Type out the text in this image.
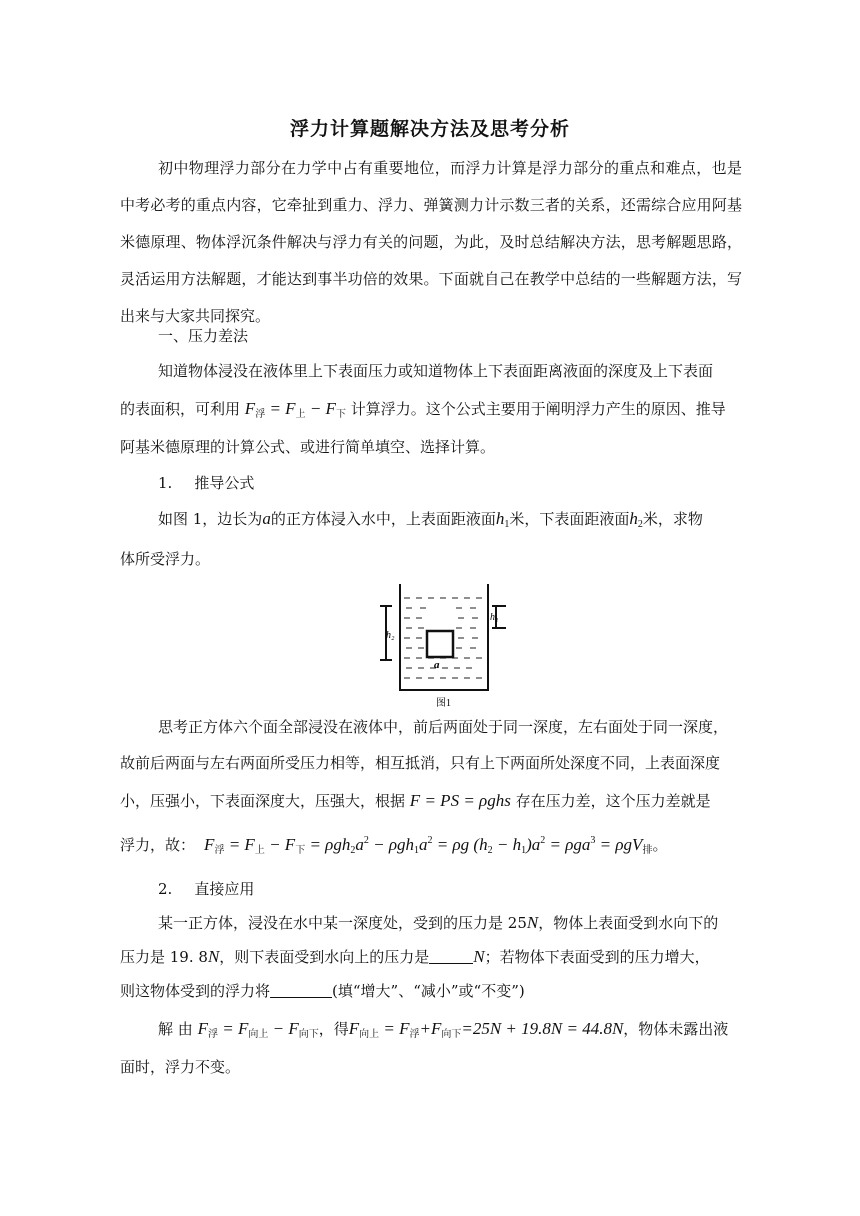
浮力计算题解决方法及思考分析
初中物理浮力部分在力学中占有重要地位，而浮力计算是浮力部分的重点和难点，也是中考必考的重点内容，它牵扯到重力、浮力、弹簧测力计示数三者的关系，还需综合应用阿基米德原理、物体浮沉条件解决与浮力有关的问题，为此，及时总结解决方法，思考解题思路，灵活运用方法解题，才能达到事半功倍的效果。下面就自己在教学中总结的一些解题方法，写出来与大家共同探究。
一、压力差法
知道物体浸没在液体里上下表面压力或知道物体上下表面距离液面的深度及上下表面
的表面积，可利用 $F_浮 = F_上 - F_下$ 计算浮力。这个公式主要用于阐明浮力产生的原因、推导
阿基米德原理的计算公式、或进行简单填空、选择计算。
1. 推导公式
如图 1，边长为a的正方体浸入水中，上表面距液面$h_1$米，下表面距液面$h_2$米，求物
体所受浮力。
h₂
h₁
a
图1
思考正方体六个面全部浸没在液体中，前后两面处于同一深度，左右面处于同一深度，
故前后两面与左右两面所受压力相等，相互抵消，只有上下两面所处深度不同，上表面深度
小，压强小，下表面深度大，压强大，根据 F = PS = ρghs 存在压力差，这个压力差就是
浮力，故： $F_浮 = F_上 - F_下 = \rho gh_2a^2 - \rho gh_1a^2 = \rho g$ $(h_2 - h_1)a^2 = \rho ga^3 = \rho gV_排$。
2. 直接应用
某一正方体，浸没在水中某一深度处，受到的压力是 25N，物体上表面受到水向下的
压力是 19. 8N，则下表面受到水向上的压力是	N；若物体下表面受到的压力增大，
则这物体受到的浮力将	(填“增大”、“减小”或“不变”)
解 由 $F_浮 = F_{向上} - F_{向下}$，得$F_{向上} = F_浮+F_{向下}=25N + 19.8N = 44.8N$，物体未露出液
面时，浮力不变。
